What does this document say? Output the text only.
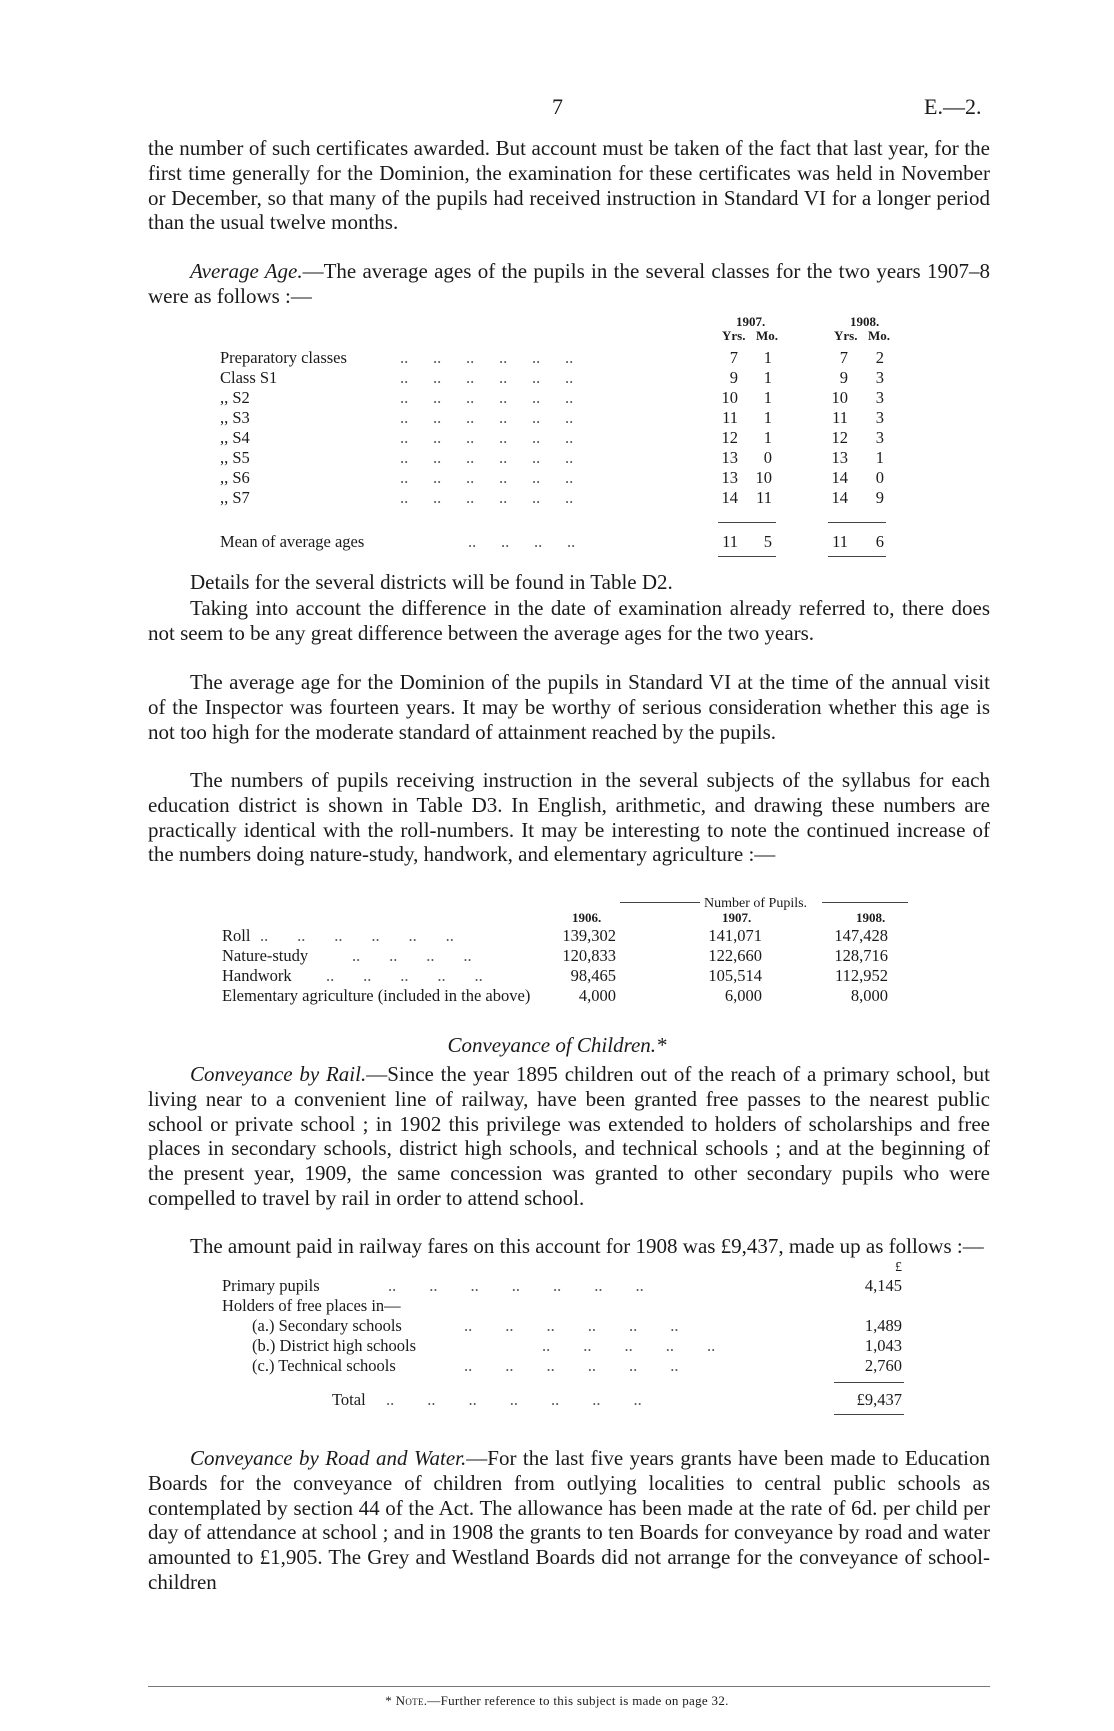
7	E.—2.

the number of such certificates awarded. But account must be taken of the fact that last year, for the first time generally for the Dominion, the examination for these certificates was held in November or December, so that many of the pupils had received instruction in Standard VI for a longer period than the usual twelve months.

Average Age.—The average ages of the pupils in the several classes for the two years 1907–8 were as follows :—

1907.	1908.
Yrs. Mo.	Yrs. Mo.
Preparatory classes	..      ..      ..      ..      ..      ..	7	1	7	2
Class S1	..      ..      ..      ..      ..      ..	9	1	9	3
,, S2	..      ..      ..      ..      ..      ..	10	1	10	3
,, S3	..      ..      ..      ..      ..      ..	11	1	11	3
,, S4	..      ..      ..      ..      ..      ..	12	1	12	3
,, S5	..      ..      ..      ..      ..      ..	13	0	13	1
,, S6	..      ..      ..      ..      ..      ..	13	10	14	0
,, S7	..      ..      ..      ..      ..      ..	14	11	14	9
Mean of average ages	..      ..      ..      ..	11	5	11	6

Details for the several districts will be found in Table D2.

Taking into account the difference in the date of examination already referred to, there does not seem to be any great difference between the average ages for the two years.

The average age for the Dominion of the pupils in Standard VI at the time of the annual visit of the Inspector was fourteen years. It may be worthy of serious consideration whether this age is not too high for the moderate standard of attainment reached by the pupils.

The numbers of pupils receiving instruction in the several subjects of the syllabus for each education district is shown in Table D3. In English, arithmetic, and drawing these numbers are practically identical with the roll-numbers. It may be interesting to note the continued increase of the numbers doing nature-study, handwork, and elementary agriculture :—

Number of Pupils.
1906.	1907.	1908.
Roll ..       ..       ..       ..       ..       ..	139,302	141,071	147,428
Nature-study	..       ..       ..       ..	120,833	122,660	128,716
Handwork ..       ..       ..       ..       ..	98,465	105,514	112,952
Elementary agriculture (included in the above)	4,000	6,000	8,000
Conveyance of Children.*

Conveyance by Rail.—Since the year 1895 children out of the reach of a primary school, but living near to a convenient line of railway, have been granted free passes to the nearest public school or private school ; in 1902 this privilege was extended to holders of scholarships and free places in secondary schools, district high schools, and technical schools ; and at the beginning of the present year, 1909, the same concession was granted to other secondary pupils who were compelled to travel by rail in order to attend school.

The amount paid in railway fares on this account for 1908 was £9,437, made up as follows :—

£
Primary pupils	..        ..        ..        ..        ..        ..        ..	4,145
Holders of free places in—
(a.) Secondary schools	..        ..        ..        ..        ..        ..	1,489
(b.) District high schools	..        ..        ..        ..        ..	1,043
(c.) Technical schools	..        ..        ..        ..        ..        ..	2,760
Total ..        ..        ..        ..        ..        ..        ..	£9,437

Conveyance by Road and Water.—For the last five years grants have been made to Education Boards for the conveyance of children from outlying localities to central public schools as contemplated by section 44 of the Act. The allowance has been made at the rate of 6d. per child per day of attendance at school ; and in 1908 the grants to ten Boards for conveyance by road and water amounted to £1,905. The Grey and Westland Boards did not arrange for the conveyance of school-children

* Note.—Further reference to this subject is made on page 32.
